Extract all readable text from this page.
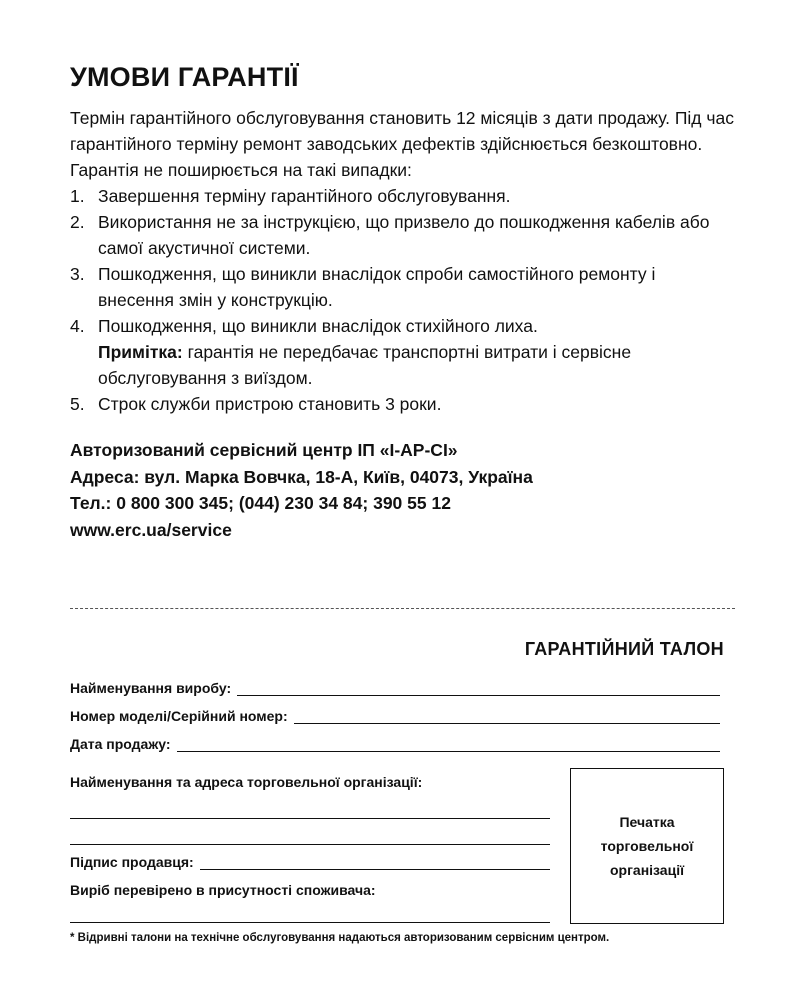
УМОВИ ГАРАНТІЇ

Термін гарантійного обслуговування становить 12 місяців з дати продажу. Під час гарантійного терміну ремонт заводських дефектів здійснюється безкоштовно. Гарантія не поширюється на такі випадки:

1. Завершення терміну гарантійного обслуговування.
2. Використання не за інструкцією, що призвело до пошкодження кабелів або самої акустичної системи.
3. Пошкодження, що виникли внаслідок спроби самостійного ремонту і внесення змін у конструкцію.
4. Пошкодження, що виникли внаслідок стихійного лиха.
Примітка: гарантія не передбачає транспортні витрати і сервісне обслуговування з виїздом.
5. Строк служби пристрою становить 3 роки.
Авторизований сервісний центр ІП «І-АР-СІ»
Адреса: вул. Марка Вовчка, 18-А, Київ, 04073, Україна
Тел.: 0 800 300 345; (044) 230 34 84; 390 55 12
www.erc.ua/service
ГАРАНТІЙНИЙ ТАЛОН
Найменування виробу:
Номер моделі/Серійний номер:
Дата продажу:
Найменування та адреса торговельної організації:
Підпис продавця:
Виріб перевірено в присутності споживача:
Печатка торговельної організації
* Відривні талони на технічне обслуговування надаються авторизованим сервісним центром.
